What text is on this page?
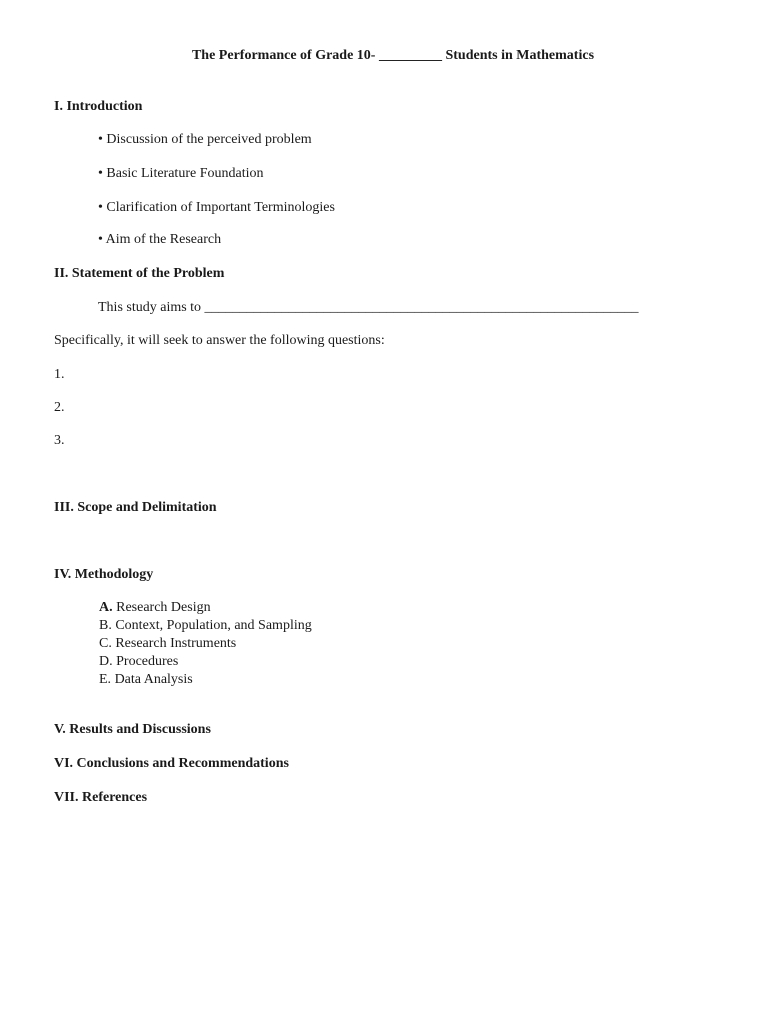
The Performance of Grade 10- _________ Students in Mathematics
I. Introduction
• Discussion of the perceived problem
• Basic Literature Foundation
• Clarification of Important Terminologies
• Aim of the Research
II. Statement of the Problem
This study aims to ______________________________________________________________
Specifically, it will seek to answer the following questions:
1.
2.
3.
III. Scope and Delimitation
IV. Methodology
A. Research Design
B. Context, Population, and Sampling
C. Research Instruments
D. Procedures
E. Data Analysis
V. Results and Discussions
VI. Conclusions and Recommendations
VII. References
